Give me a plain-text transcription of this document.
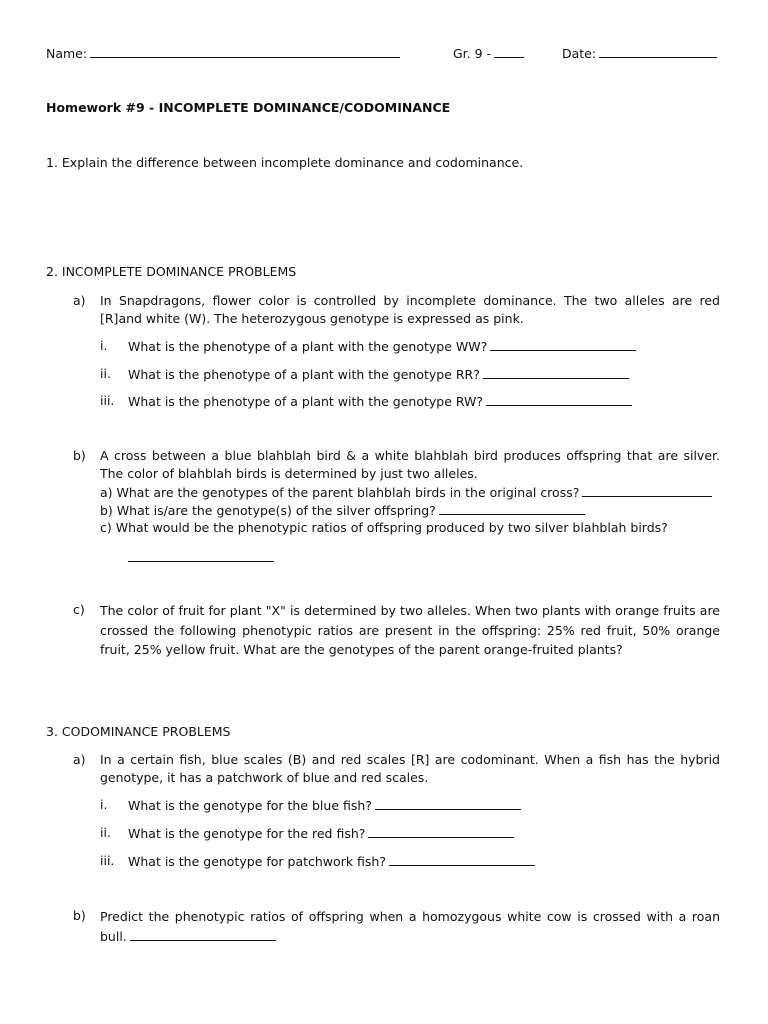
Name:	Gr. 9 -	Date:
Homework #9 - INCOMPLETE DOMINANCE/CODOMINANCE
1. Explain the difference between incomplete dominance and codominance.
2. INCOMPLETE DOMINANCE PROBLEMS
a) In Snapdragons, flower color is controlled by incomplete dominance. The two alleles are red [R]and white (W). The heterozygous genotype is expressed as pink.
i. What is the phenotype of a plant with the genotype WW?
ii. What is the phenotype of a plant with the genotype RR?
iii. What is the phenotype of a plant with the genotype RW?
b) A cross between a blue blahblah bird & a white blahblah bird produces offspring that are silver. The color of blahblah birds is determined by just two alleles.
a) What are the genotypes of the parent blahblah birds in the original cross?
b) What is/are the genotype(s) of the silver offspring?
c) What would be the phenotypic ratios of offspring produced by two silver blahblah birds?
c) The color of fruit for plant "X" is determined by two alleles. When two plants with orange fruits are crossed the following phenotypic ratios are present in the offspring: 25% red fruit, 50% orange fruit, 25% yellow fruit. What are the genotypes of the parent orange-fruited plants?
3. CODOMINANCE PROBLEMS
a) In a certain fish, blue scales (B) and red scales [R] are codominant. When a fish has the hybrid genotype, it has a patchwork of blue and red scales.
i. What is the genotype for the blue fish?
ii. What is the genotype for the red fish?
iii. What is the genotype for patchwork fish?
b) Predict the phenotypic ratios of offspring when a homozygous white cow is crossed with a roan bull.
